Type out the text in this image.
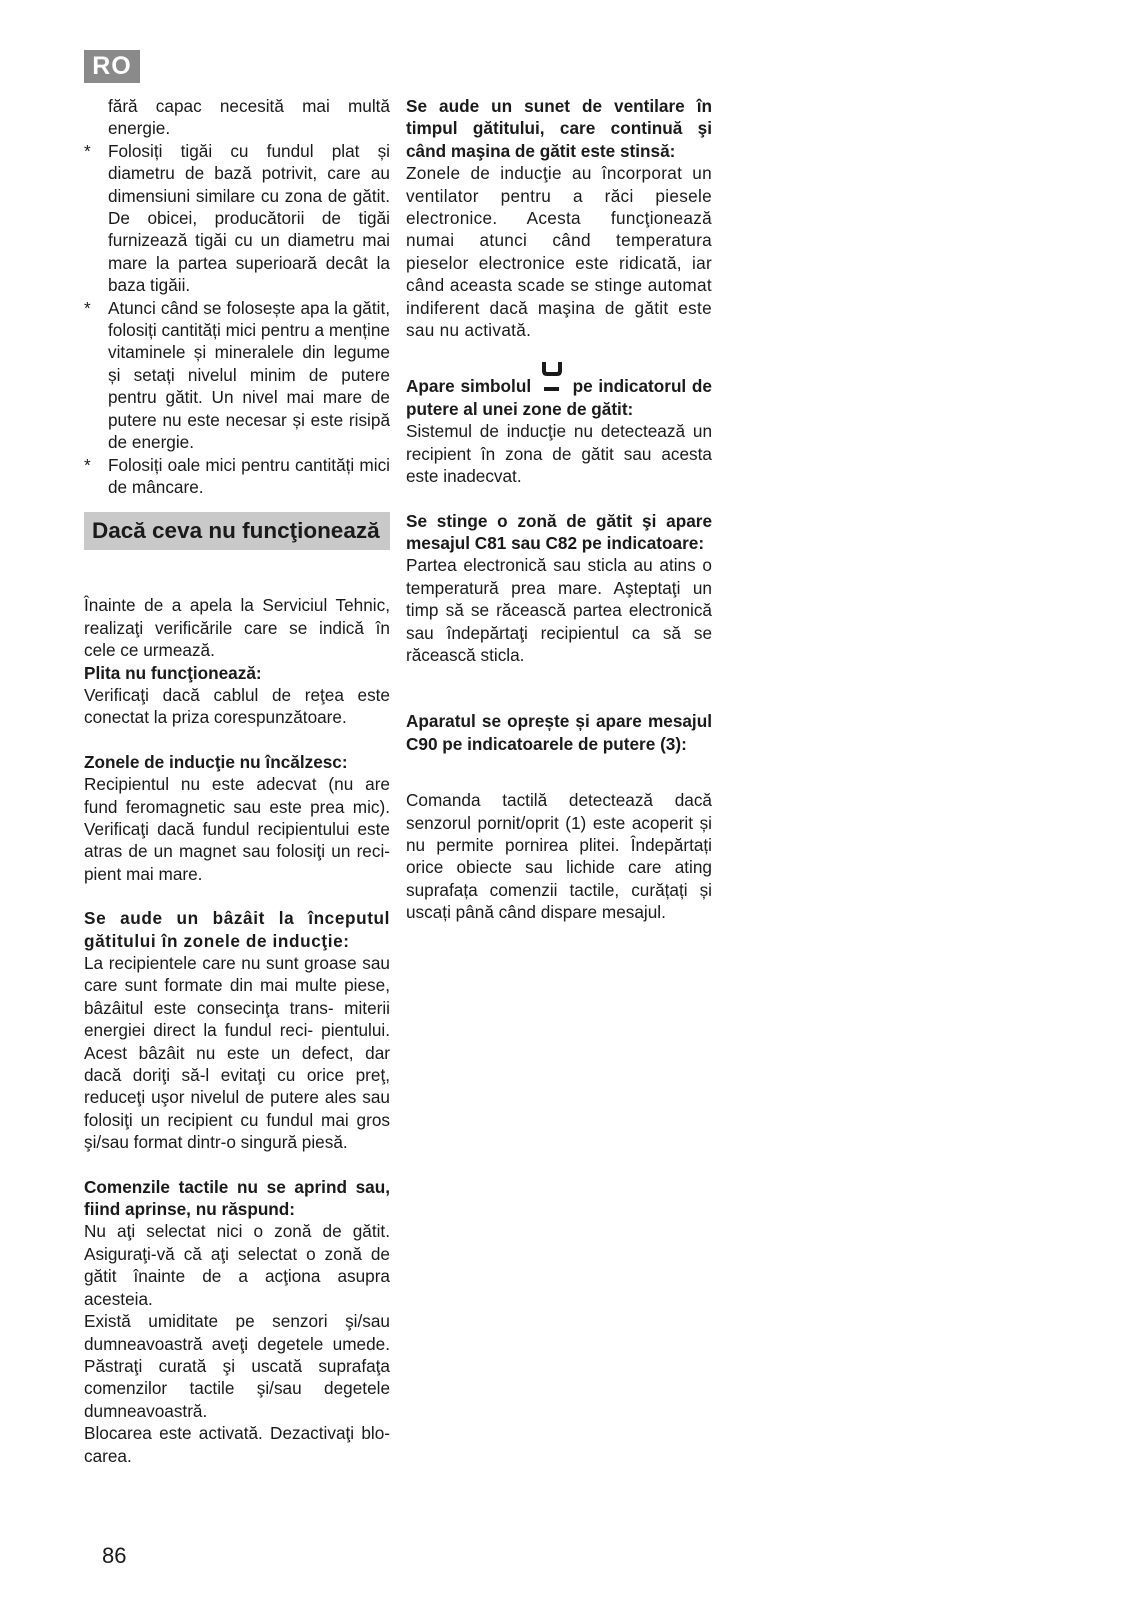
RO

fără capac necesită mai multă energie.

* Folosiți tigăi cu fundul plat și diametru de bază potrivit, care au dimensiuni similare cu zona de gătit. De obicei, producătorii de tigăi furnizează tigăi cu un diametru mai mare la partea superioară decât la baza tigăii.

* Atunci când se folosește apa la gătit, folosiți cantități mici pentru a menține vitaminele și mineralele din legume și setați nivelul minim de putere pentru gătit. Un nivel mai mare de putere nu este necesar și este risipă de energie.

* Folosiți oale mici pentru cantități mici de mâncare.

Dacă ceva nu funcţionează

Înainte de a apela la Serviciul Tehnic, realizaţi verificările care se indică în cele ce urmează.

Plita nu funcţionează:

Verificaţi dacă cablul de reţea este conectat la priza corespunzătoare.

Zonele de inducţie nu încălzesc:

Recipientul nu este adecvat (nu are fund feromagnetic sau este prea mic). Verificaţi dacă fundul recipientului este atras de un magnet sau folosiţi un reci- pient mai mare.

Se aude un bâzâit la începutul gătitului în zonele de inducţie:

La recipientele care nu sunt groase sau care sunt formate din mai multe piese, bâzâitul este consecinţa trans- miterii energiei direct la fundul reci- pientului. Acest bâzâit nu este un defect, dar dacă doriţi să-l evitaţi cu orice preţ, reduceţi uşor nivelul de putere ales sau folosiţi un recipient cu fundul mai gros şi/sau format dintr-o singură piesă.

Comenzile tactile nu se aprind sau, fiind aprinse, nu răspund:

Nu aţi selectat nici o zonă de gătit. Asiguraţi-vă că aţi selectat o zonă de gătit înainte de a acţiona asupra acesteia.

Există umiditate pe senzori şi/sau dumneavoastră aveţi degetele umede. Păstraţi curată şi uscată suprafaţa comenzilor tactile şi/sau degetele dumneavoastră.

Blocarea este activată. Dezactivaţi blo- carea.

Se aude un sunet de ventilare în timpul gătitului, care continuă şi când maşina de gătit este stinsă:

Zonele de inducţie au încorporat un ventilator pentru a răci piesele electronice. Acesta funcţionează numai atunci când temperatura pieselor electronice este ridicată, iar când aceasta scade se stinge automat indiferent dacă maşina de gătit este sau nu activată.

Apare simbolul pe indicatorul de putere al unei zone de gătit:

Sistemul de inducţie nu detectează un recipient în zona de gătit sau acesta este inadecvat.

Se stinge o zonă de gătit şi apare mesajul C81 sau C82 pe indicatoare:

Partea electronică sau sticla au atins o temperatură prea mare. Aşteptaţi un timp să se răcească partea electronică sau îndepărtaţi recipientul ca să se răcească sticla.

Aparatul se oprește și apare mesajul C90 pe indicatoarele de putere (3):

Comanda tactilă detectează dacă senzorul pornit/oprit (1) este acoperit și nu permite pornirea plitei. Îndepărtați orice obiecte sau lichide care ating suprafața comenzii tactile, curățați și uscați până când dispare mesajul.

86
